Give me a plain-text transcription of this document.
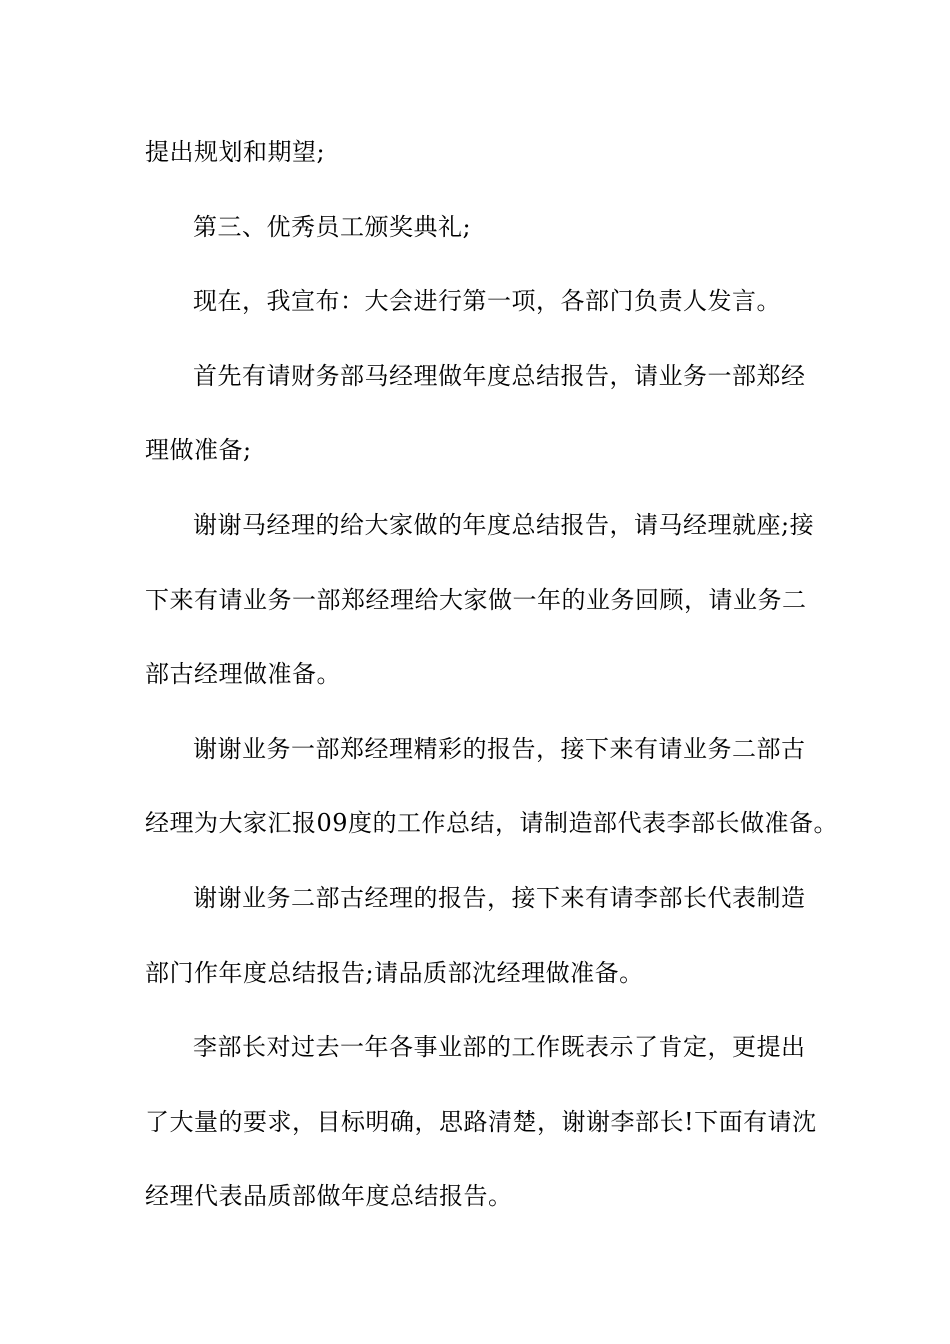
提出规划和期望;
第三、优秀员工颁奖典礼;
现在，我宣布：大会进行第一项，各部门负责人发言。
首先有请财务部马经理做年度总结报告，请业务一部郑经
理做准备;
谢谢马经理的给大家做的年度总结报告，请马经理就座;接
下来有请业务一部郑经理给大家做一年的业务回顾，请业务二
部古经理做准备。
谢谢业务一部郑经理精彩的报告，接下来有请业务二部古
经理为大家汇报09度的工作总结，请制造部代表李部长做准备。
谢谢业务二部古经理的报告，接下来有请李部长代表制造
部门作年度总结报告;请品质部沈经理做准备。
李部长对过去一年各事业部的工作既表示了肯定，更提出
了大量的要求，目标明确，思路清楚，谢谢李部长!下面有请沈
经理代表品质部做年度总结报告。
